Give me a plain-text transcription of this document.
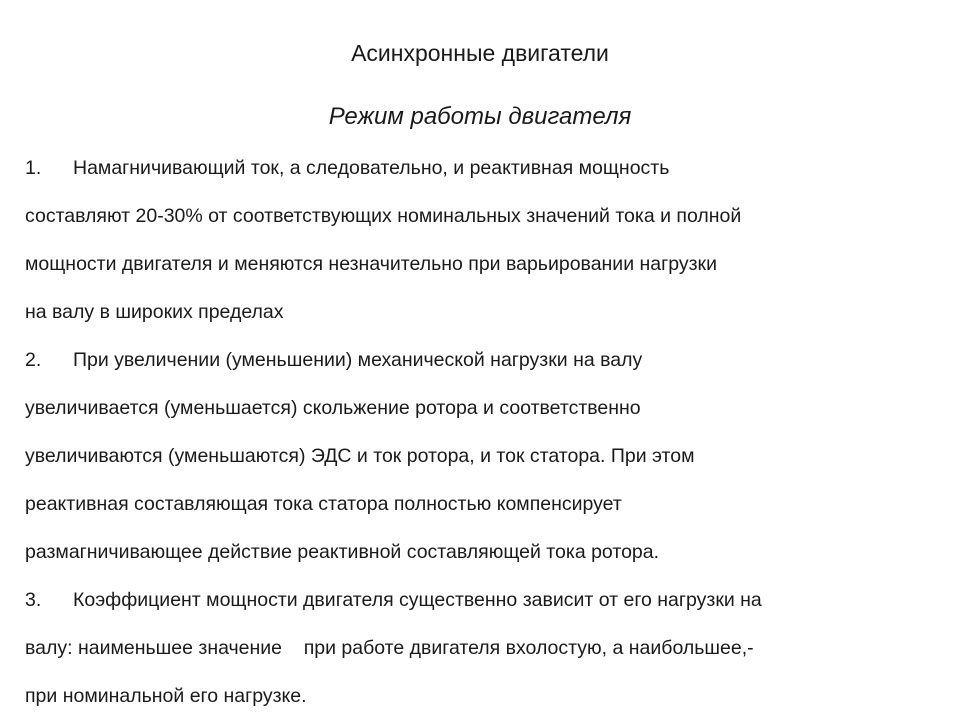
Асинхронные двигатели
Режим работы двигателя
1. Намагничивающий ток, а следовательно, и реактивная мощность
составляют 20-30% от соответствующих номинальных значений тока и полной
мощности двигателя и меняются незначительно при варьировании нагрузки
на валу в широких пределах
2. При увеличении (уменьшении) механической нагрузки на валу
увеличивается (уменьшается) скольжение ротора и соответственно
увеличиваются (уменьшаются) ЭДС и ток ротора, и ток статора. При этом
реактивная составляющая тока статора полностью компенсирует
размагничивающее действие реактивной составляющей тока ротора.
3. Коэффициент мощности двигателя существенно зависит от его нагрузки на
валу: наименьшее значение    при работе двигателя вхолостую, а наибольшее,-
при номинальной его нагрузке.
